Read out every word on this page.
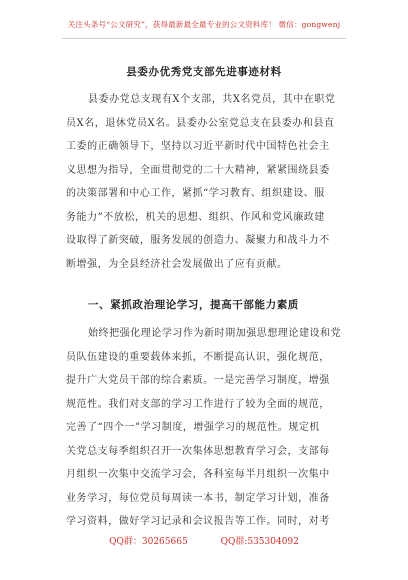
关注头条号“公文研究”，获得最新最全最专业的公文资料库！ 微信：gongwenj
县委办优秀党支部先进事迹材料
县委办党总支现有X个支部，共X名党员，其中在职党
员X名，退休党员X名。县委办公室党总支在县委办和县直
工委的正确领导下，坚持以习近平新时代中国特色社会主
义思想为指导，全面贯彻党的二十大精神，紧紧围绕县委
的决策部署和中心工作，紧抓“学习教育、组织建设、服
务能力”不放松，机关的思想、组织、作风和党风廉政建
设取得了新突破，服务发展的创造力、凝聚力和战斗力不
断增强，为全县经济社会发展做出了应有贡献。
一、紧抓政治理论学习，提高干部能力素质
始终把强化理论学习作为新时期加强思想理论建设和党
员队伍建设的重要载体来抓，不断提高认识，强化规范，
提升广大党员干部的综合素质。一是完善学习制度，增强
规范性。我们对支部的学习工作进行了较为全面的规范，
完善了“四个一”学习制度，增强学习的规范性。规定机
关党总支每季组织召开一次集体思想教育学习会，支部每
月组织一次集中交流学习会，各科室每半月组织一次集中
业务学习，每位党员每周读一本书，制定学习计划，准备
学习资料，做好学习记录和会议报告等工作。同时，对考
QQ群：30265665	QQ群:535304092
